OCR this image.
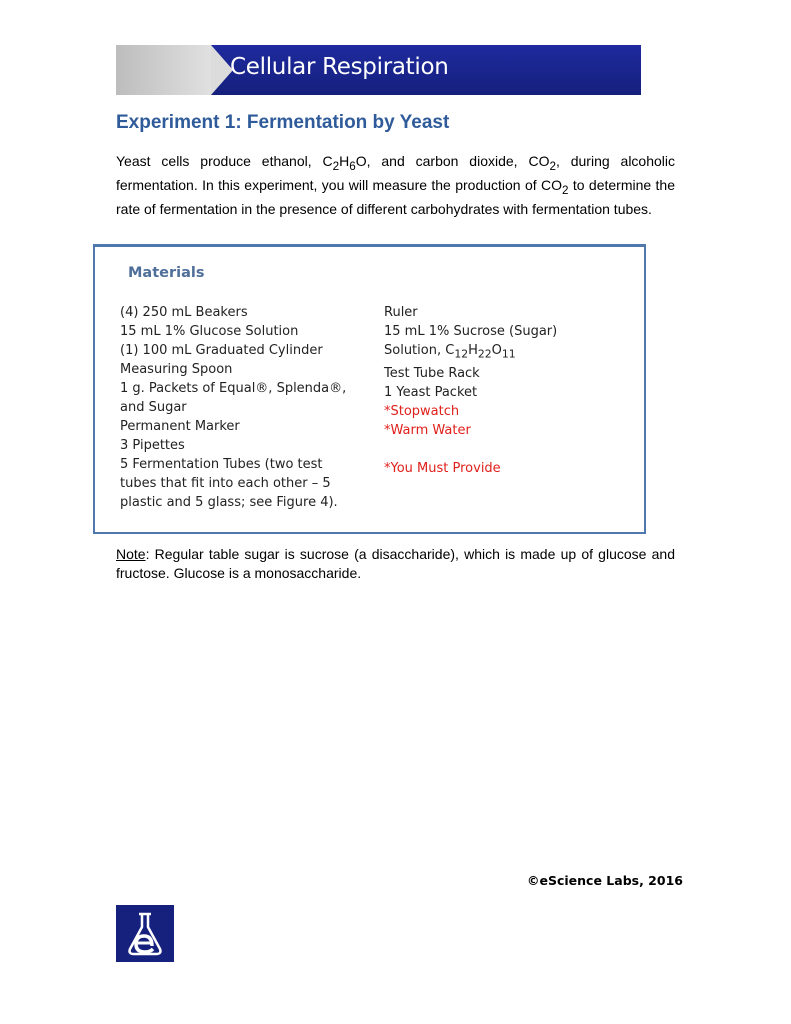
Cellular Respiration
Experiment 1: Fermentation by Yeast
Yeast cells produce ethanol, $C_2H_6O$, and carbon dioxide, $CO_2$, during alcoholic fermentation. In this experiment, you will measure the production of $CO_2$ to determine the rate of fermentation in the presence of different carbohydrates with fermentation tubes.
Materials
(4) 250 mL Beakers
15 mL 1% Glucose Solution
(1) 100 mL Graduated Cylinder
Measuring Spoon
1 g. Packets of Equal®, Splenda®,
and Sugar
Permanent Marker
3 Pipettes
5 Fermentation Tubes (two test
tubes that fit into each other – 5
plastic and 5 glass; see Figure 4).
Ruler
15 mL 1% Sucrose (Sugar)
Solution, $C_{12}H_{22}O_{11}$
Test Tube Rack
1 Yeast Packet
*Stopwatch
*Warm Water
*You Must Provide
Note: Regular table sugar is sucrose (a disaccharide), which is made up of glucose and fructose. Glucose is a monosaccharide.
©eScience Labs, 2016
